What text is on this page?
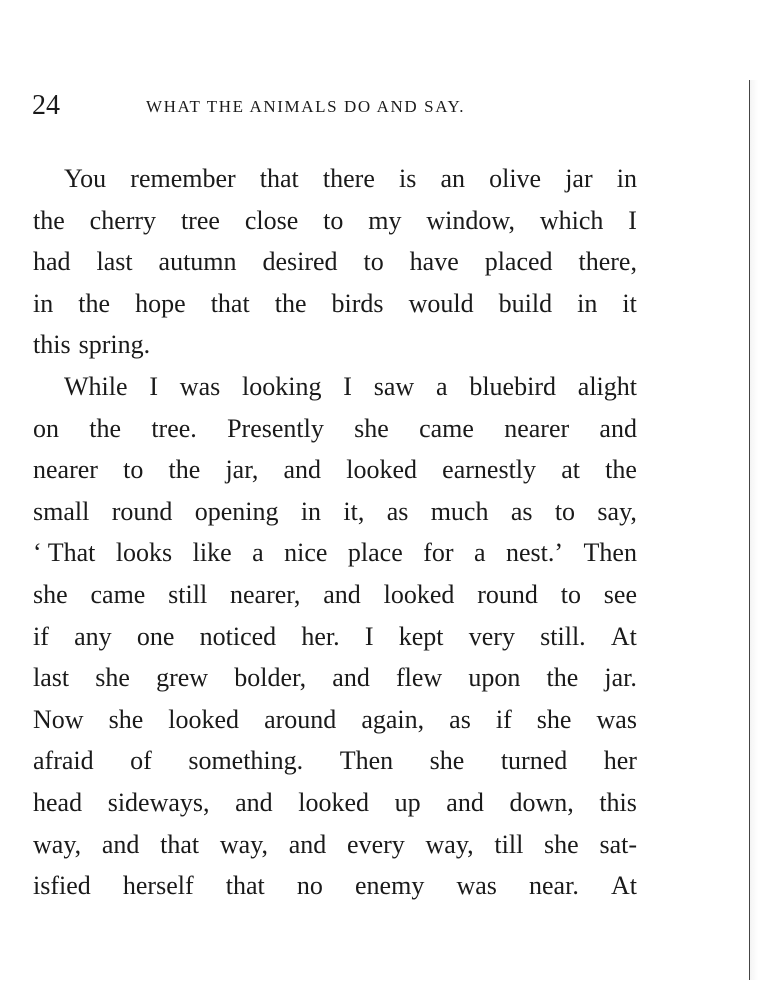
24	WHAT THE ANIMALS DO AND SAY.
You remember that there is an olive jar in
the cherry tree close to my window, which I
had last autumn desired to have placed there,
in the hope that the birds would build in it
this spring.
While I was looking I saw a bluebird alight
on the tree. Presently she came nearer and
nearer to the jar, and looked earnestly at the
small round opening in it, as much as to say,
‘ That looks like a nice place for a nest.’ Then
she came still nearer, and looked round to see
if any one noticed her. I kept very still. At
last she grew bolder, and flew upon the jar.
Now she looked around again, as if she was
afraid of something. Then she turned her
head sideways, and looked up and down, this
way, and that way, and every way, till she sat-
isfied herself that no enemy was near. At
